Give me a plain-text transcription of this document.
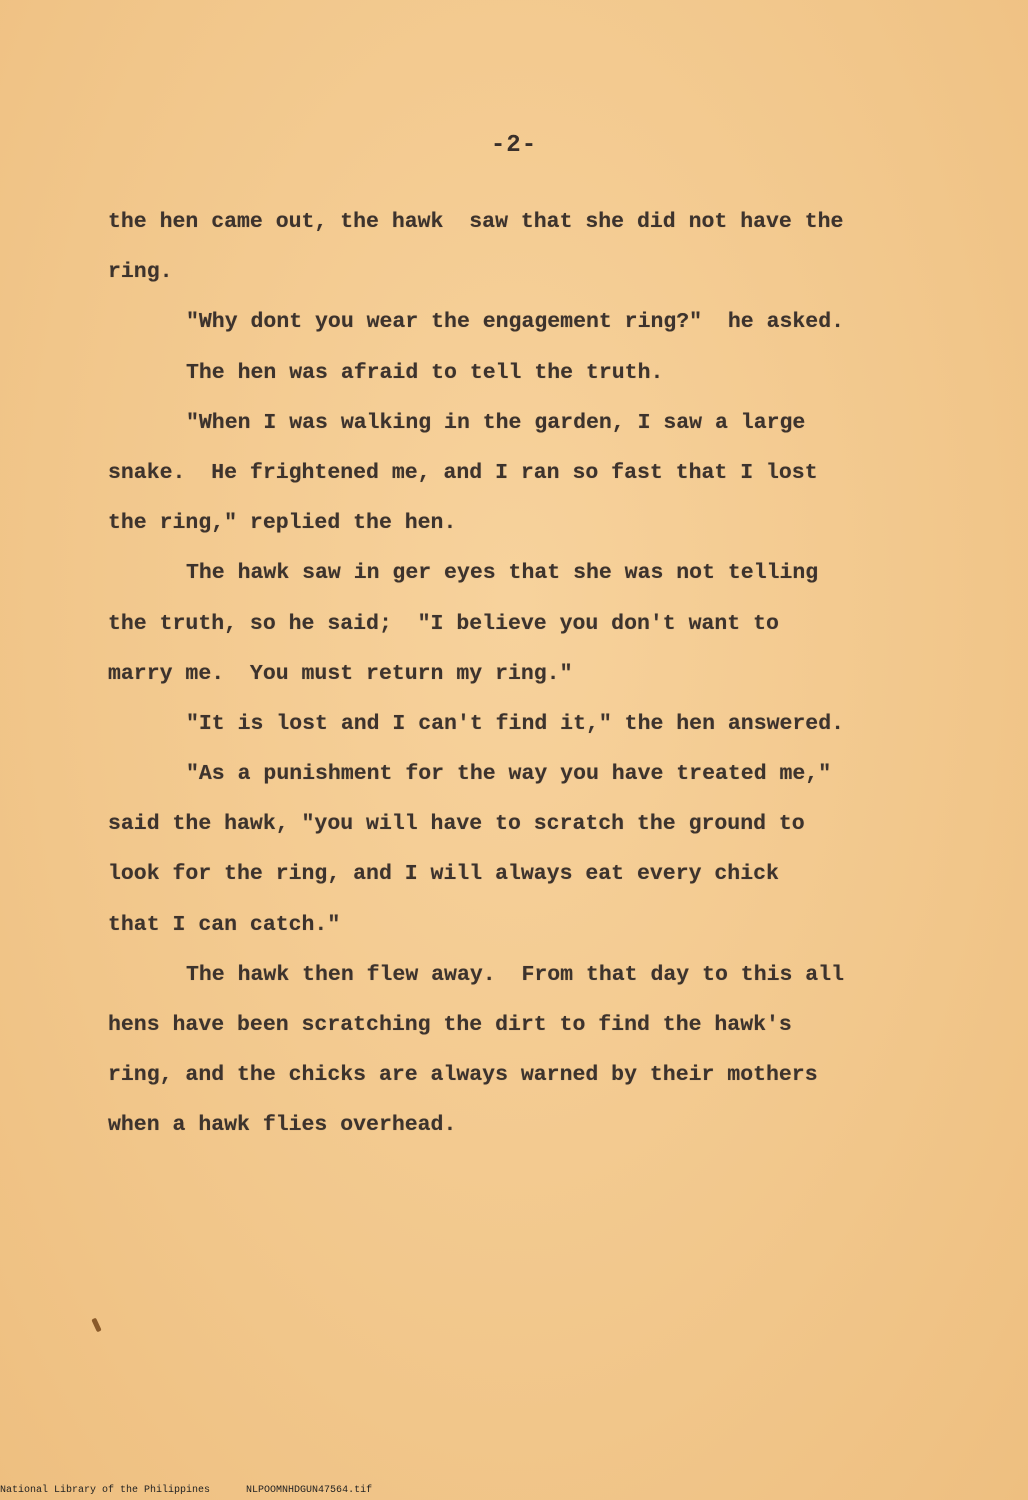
-2-
the hen came out, the hawk  saw that she did not have the
ring.
"Why dont you wear the engagement ring?"  he asked.
The hen was afraid to tell the truth.
"When I was walking in the garden, I saw a large
snake.  He frightened me, and I ran so fast that I lost
the ring," replied the hen.
The hawk saw in ger eyes that she was not telling
the truth, so he said;  "I believe you don't want to
marry me.  You must return my ring."
"It is lost and I can't find it," the hen answered.
"As a punishment for the way you have treated me,"
said the hawk, "you will have to scratch the ground to
look for the ring, and I will always eat every chick
that I can catch."
The hawk then flew away.  From that day to this all
hens have been scratching the dirt to find the hawk's
ring, and the chicks are always warned by their mothers
when a hawk flies overhead.
National Library of the Philippines	NLPOOMNHDGUN47564.tif
